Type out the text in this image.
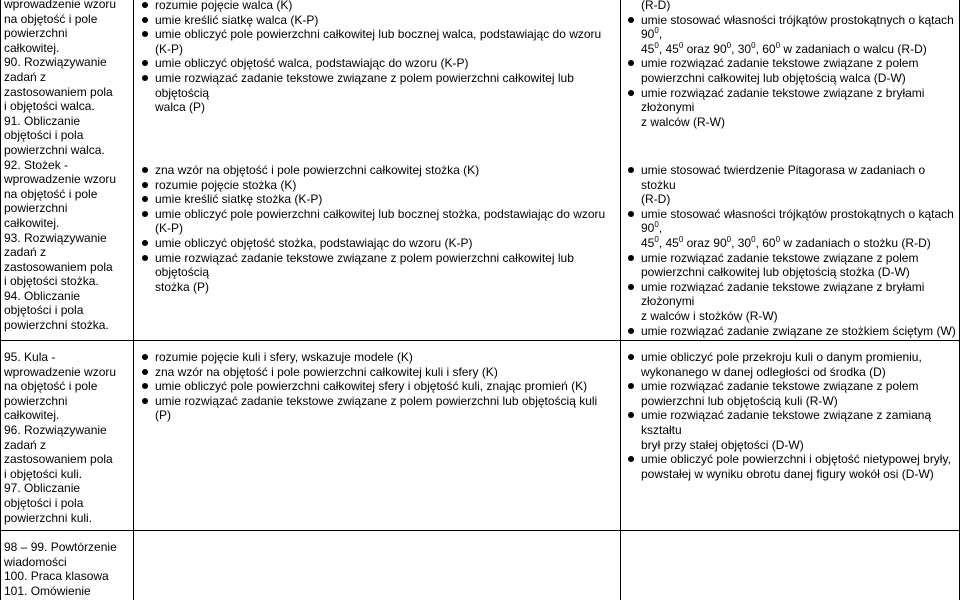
wprowadzenie wzoru
na objętość i pole
powierzchni
całkowitej.
90. Rozwiązywanie
zadań z
zastosowaniem pola
i objętości walca.
91. Obliczanie
objętości i pola
powierzchni walca.
92. Stożek -
wprowadzenie wzoru
na objętość i pole
powierzchni
całkowitej.
93. Rozwiązywanie
zadań z
zastosowaniem pola
i objętości stożka.
94. Obliczanie
objętości i pola
powierzchni stożka.
rozumie pojęcie walca (K)
umie kreślić siatkę walca (K-P)
umie obliczyć pole powierzchni całkowitej lub bocznej walca, podstawiając do wzoru (K-P)
umie obliczyć objętość walca, podstawiając do wzoru (K-P)
umie rozwiązać zadanie tekstowe związane z polem powierzchni całkowitej lub objętością
walca (P)
zna wzór na objętość i pole powierzchni całkowitej stożka (K)
rozumie pojęcie stożka (K)
umie kreślić siatkę stożka (K-P)
umie obliczyć pole powierzchni całkowitej lub bocznej stożka, podstawiając do wzoru (K-P)
umie obliczyć objętość stożka, podstawiając do wzoru (K-P)
umie rozwiązać zadanie tekstowe związane z polem powierzchni całkowitej lub objętością
stożka (P)
(R-D)
umie stosować własności trójkątów prostokątnych o kątach $90^0$,
$45^0$, $45^0$ oraz $90^0$, $30^0$, $60^0$ w zadaniach o walcu (R-D)
umie rozwiązać zadanie tekstowe związane z polem
powierzchni całkowitej lub objętością walca (D-W)
umie rozwiązać zadanie tekstowe związane z bryłami złożonymi
z walców (R-W)
umie stosować twierdzenie Pitagorasa w zadaniach o stożku
(R-D)
umie stosować własności trójkątów prostokątnych o kątach $90^0$,
$45^0$, $45^0$ oraz $90^0$, $30^0$, $60^0$ w zadaniach o stożku (R-D)
umie rozwiązać zadanie tekstowe związane z polem
powierzchni całkowitej lub objętością stożka (D-W)
umie rozwiązać zadanie tekstowe związane z bryłami złożonymi
z walców i stożków (R-W)
umie rozwiązać zadanie związane ze stożkiem ściętym (W)
95. Kula -
wprowadzenie wzoru
na objętość i pole
powierzchni
całkowitej.
96. Rozwiązywanie
zadań z
zastosowaniem pola
i objętości kuli.
97. Obliczanie
objętości i pola
powierzchni kuli.
rozumie pojęcie kuli i sfery, wskazuje modele (K)
zna wzór na objętość i pole powierzchni całkowitej kuli i sfery (K)
umie obliczyć pole powierzchni całkowitej sfery i objętość kuli, znając promień (K)
umie rozwiązać zadanie tekstowe związane z polem powierzchni lub objętością kuli (P)
umie obliczyć pole przekroju kuli o danym promieniu,
wykonanego w danej odległości od środka (D)
umie rozwiązać zadanie tekstowe związane z polem
powierzchni lub objętością kuli (R-W)
umie rozwiązać zadanie tekstowe związane z zamianą kształtu
brył przy stałej objętości (D-W)
umie obliczyć pole powierzchni i objętość nietypowej bryły,
powstałej w wyniku obrotu danej figury wokół osi (D-W)
98 – 99. Powtórzenie
wiadomości
100. Praca klasowa
101. Omówienie
